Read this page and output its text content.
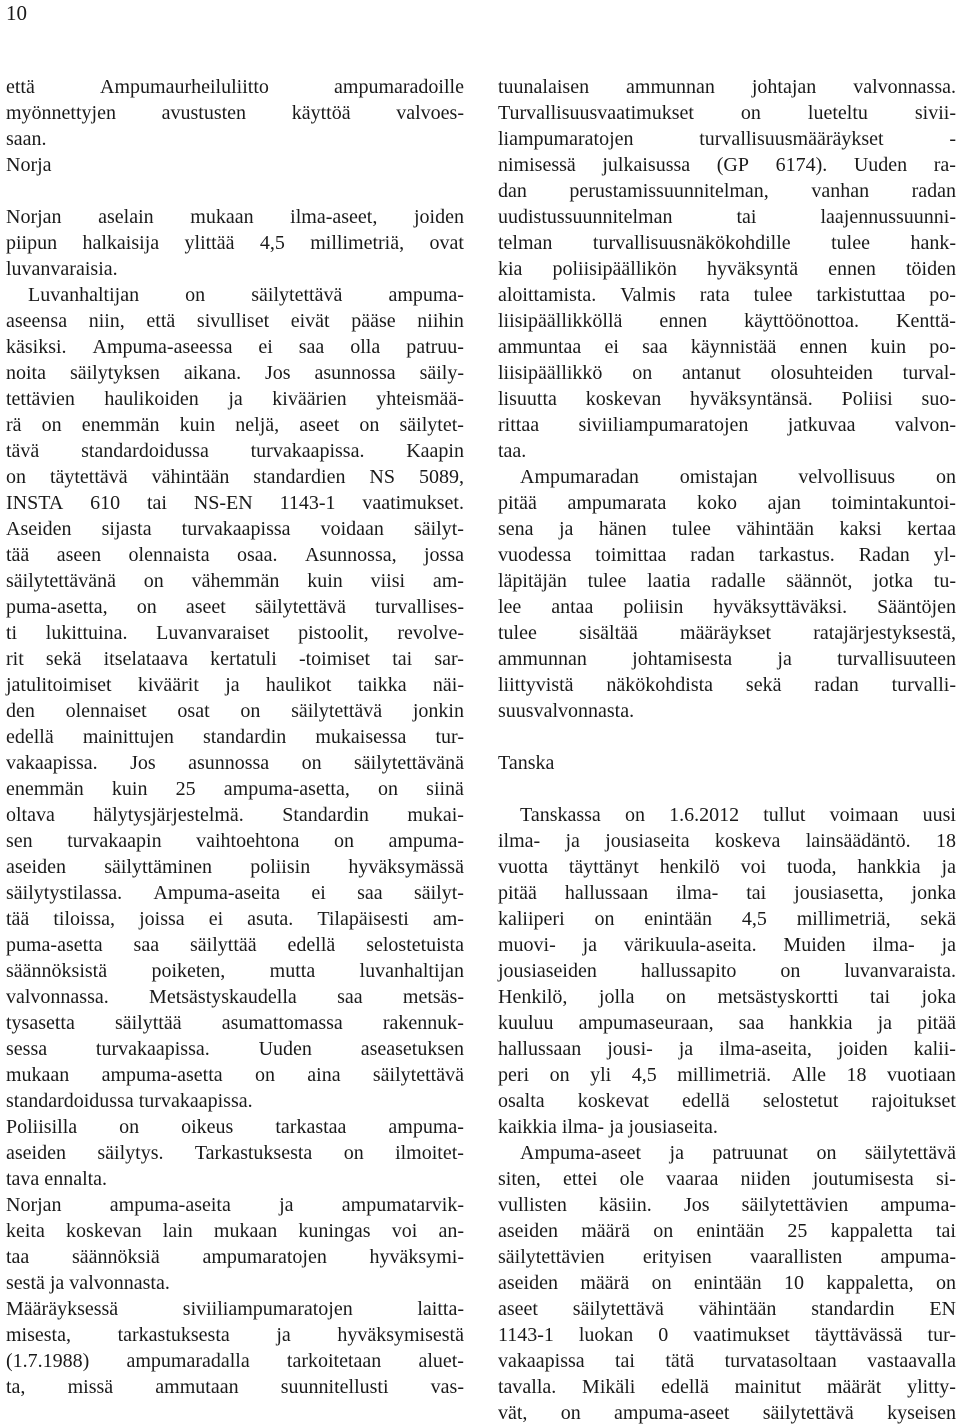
10
että	Ampumaurheiluliitto	ampumaradoille
myönnettyjen avustusten käyttöä valvoes-
saan.
Norja
Norjan aselain mukaan ilma-aseet, joiden
piipun halkaisija ylittää 4,5 millimetriä, ovat
luvanvaraisia.
Luvanhaltijan on säilytettävä ampuma-
aseensa niin, että sivulliset eivät pääse niihin
käsiksi. Ampuma-aseessa ei saa olla patruu-
noita säilytyksen aikana. Jos asunnossa säily-
tettävien haulikoiden ja kiväärien yhteismää-
rä on enemmän kuin neljä, aseet on säilytet-
tävä standardoidussa turvakaapissa. Kaapin
on täytettävä vähintään standardien NS 5089,
INSTA 610 tai NS-EN 1143-1 vaatimukset.
Aseiden sijasta turvakaapissa voidaan säilyt-
tää aseen olennaista osaa. Asunnossa, jossa
säilytettävänä on vähemmän kuin viisi am-
puma-asetta, on aseet säilytettävä turvallises-
ti lukittuina. Luvanvaraiset pistoolit, revolve-
rit sekä itselataava kertatuli -toimiset tai sar-
jatulitoimiset kiväärit ja haulikot taikka näi-
den olennaiset osat on säilytettävä jonkin
edellä mainittujen standardin mukaisessa tur-
vakaapissa. Jos asunnossa on säilytettävänä
enemmän kuin 25 ampuma-asetta, on siinä
oltava hälytysjärjestelmä. Standardin mukai-
sen turvakaapin vaihtoehtona on ampuma-
aseiden säilyttäminen poliisin hyväksymässä
säilytystilassa. Ampuma-aseita ei saa säilyt-
tää tiloissa, joissa ei asuta. Tilapäisesti am-
puma-asetta saa säilyttää edellä selostetuista
säännöksistä poiketen, mutta luvanhaltijan
valvonnassa. Metsästyskaudella saa metsäs-
tysasetta säilyttää asumattomassa rakennuk-
sessa turvakaapissa. Uuden aseasetuksen
mukaan ampuma-asetta on aina säilytettävä
standardoidussa turvakaapissa.
Poliisilla on oikeus tarkastaa ampuma-
aseiden säilytys. Tarkastuksesta on ilmoitet-
tava ennalta.
Norjan ampuma-aseita ja ampumatarvik-
keita koskevan lain mukaan kuningas voi an-
taa säännöksiä ampumaratojen hyväksymi-
sestä ja valvonnasta.
Määräyksessä	siviiliampumaratojen	laitta-
misesta, tarkastuksesta ja hyväksymisestä
(1.7.1988) ampumaradalla tarkoitetaan aluet-
ta, missä ammutaan suunnitellusti vas-
tuunalaisen ammunnan johtajan valvonnassa.
Turvallisuusvaatimukset on lueteltu sivii-
liampumaratojen	turvallisuusmääräykset	-
nimisessä julkaisussa (GP 6174). Uuden ra-
dan perustamissuunnitelman, vanhan radan
uudistussuunnitelman	tai	laajennussuunni-
telman turvallisuusnäkökohdille tulee hank-
kia poliisipäällikön hyväksyntä ennen töiden
aloittamista. Valmis rata tulee tarkistuttaa po-
liisipäällikköllä ennen käyttöönottoa. Kenttä-
ammuntaa ei saa käynnistää ennen kuin po-
liisipäällikkö on antanut olosuhteiden turval-
lisuutta koskevan hyväksyntänsä. Poliisi suo-
rittaa siviiliampumaratojen jatkuvaa valvon-
taa.
Ampumaradan omistajan velvollisuus on
pitää ampumarata koko ajan toimintakuntoi-
sena ja hänen tulee vähintään kaksi kertaa
vuodessa toimittaa radan tarkastus. Radan yl-
läpitäjän tulee laatia radalle säännöt, jotka tu-
lee antaa poliisin hyväksyttäväksi. Sääntöjen
tulee sisältää määräykset ratajärjestyksestä,
ammunnan johtamisesta ja turvallisuuteen
liittyvistä näkökohdista sekä radan turvalli-
suusvalvonnasta.
Tanska
Tanskassa on 1.6.2012 tullut voimaan uusi
ilma- ja jousiaseita koskeva lainsäädäntö. 18
vuotta täyttänyt henkilö voi tuoda, hankkia ja
pitää hallussaan ilma- tai jousiasetta, jonka
kaliiperi on enintään 4,5 millimetriä, sekä
muovi- ja värikuula-aseita. Muiden ilma- ja
jousiaseiden hallussapito on luvanvaraista.
Henkilö, jolla on metsästyskortti tai joka
kuuluu ampumaseuraan, saa hankkia ja pitää
hallussaan jousi- ja ilma-aseita, joiden kalii-
peri on yli 4,5 millimetriä. Alle 18 vuotiaan
osalta koskevat edellä selostetut rajoitukset
kaikkia ilma- ja jousiaseita.
Ampuma-aseet ja patruunat on säilytettävä
siten, ettei ole vaaraa niiden joutumisesta si-
vullisten käsiin. Jos säilytettävien ampuma-
aseiden määrä on enintään 25 kappaletta tai
säilytettävien erityisen vaarallisten ampuma-
aseiden määrä on enintään 10 kappaletta, on
aseet säilytettävä vähintään standardin EN
1143-1 luokan 0 vaatimukset täyttävässä tur-
vakaapissa tai tätä turvatasoltaan vastaavalla
tavalla. Mikäli edellä mainitut määrät ylitty-
vät, on ampuma-aseet säilytettävä kyseisen
